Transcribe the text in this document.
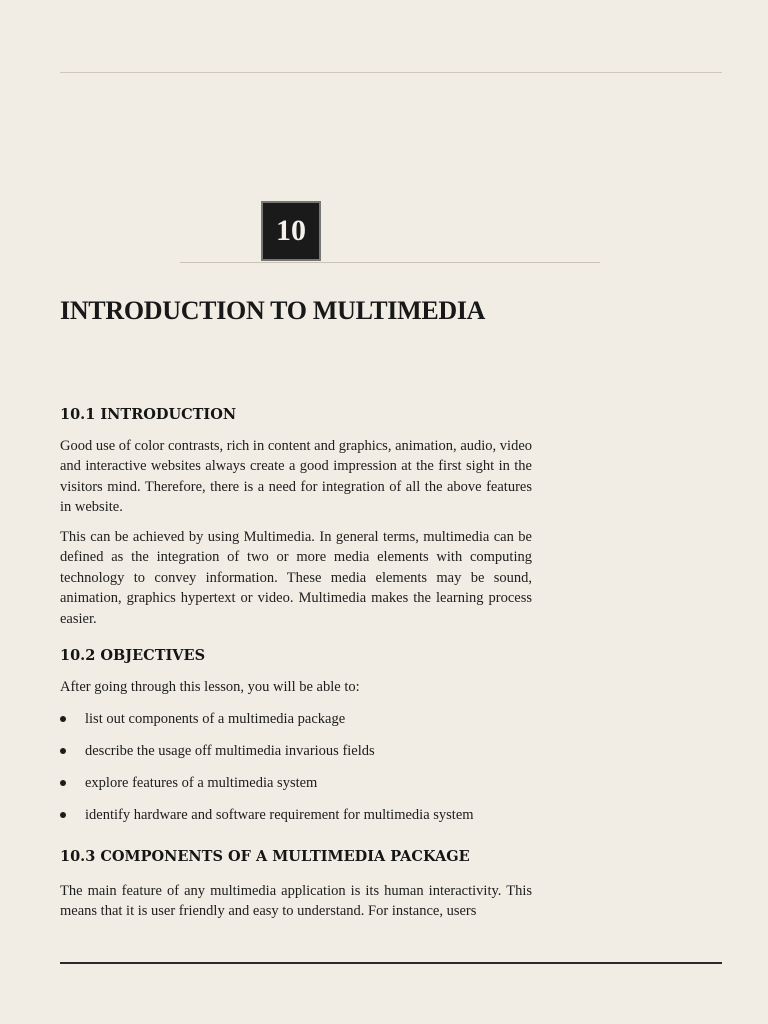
10
INTRODUCTION TO MULTIMEDIA
10.1 INTRODUCTION

Good use of color contrasts, rich in content and graphics, animation, audio, video and interactive websites always create a good impression at the first sight in the visitors mind. Therefore, there is a need for integration of all the above features in website.

This can be achieved by using Multimedia. In general terms, multimedia can be defined as the integration of two or more media elements with computing technology to convey information. These media elements may be sound, animation, graphics hypertext or video. Multimedia makes the learning process easier.

10.2 OBJECTIVES

After going through this lesson, you will be able to:

list out components of a multimedia package
describe the usage off multimedia invarious fields
explore features of a multimedia system
identify hardware and software requirement for multimedia system
10.3 COMPONENTS OF A MULTIMEDIA PACKAGE

The main feature of any multimedia application is its human interactivity. This means that it is user friendly and easy to understand. For instance, users
